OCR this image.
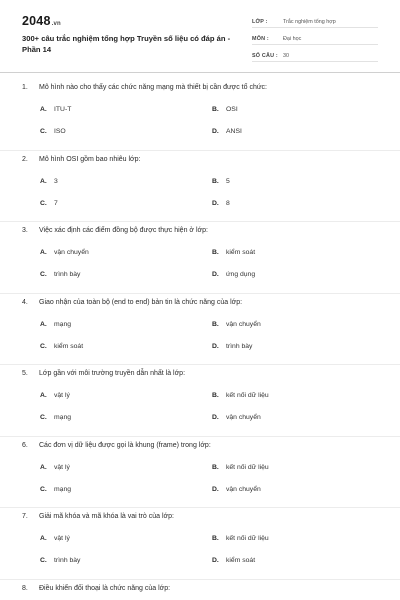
2048.vn
300+ câu trắc nghiệm tổng hợp Truyền số liệu có đáp án - Phần 14
LỚP :	Trắc nghiệm tổng hợp
MÔN :	Đại học
SỐ CÂU : 30
1.	Mô hình nào cho thấy các chức năng mạng mà thiết bị cần được tổ chức:
A.	ITU-T	B.	OSI
C.	ISO	D.	ANSI
2.	Mô hình OSI gồm bao nhiêu lớp:
A.	3	B.	5
C.	7	D.	8
3.	Việc xác định các điểm đồng bộ được thực hiện ở lớp:
A.	vận chuyển	B.	kiểm soát
C.	trình bày	D.	ứng dụng
4.	Giao nhận của toàn bộ (end to end) bản tin là chức năng của lớp:
A.	mạng	B.	vận chuyển
C.	kiểm soát	D.	trình bày
5.	Lớp gần với môi trường truyền dẫn nhất là lớp:
A.	vật lý	B.	kết nối dữ liệu
C.	mạng	D.	vận chuyển
6.	Các đơn vị dữ liệu được gọi là khung (frame) trong lớp:
A.	vật lý	B.	kết nối dữ liệu
C.	mạng	D.	vận chuyển
7.	Giải mã khóa và mã khóa là vai trò của lớp:
A.	vật lý	B.	kết nối dữ liệu
C.	trình bày	D.	kiểm soát
8.	Điều khiển đối thoại là chức năng của lớp:
